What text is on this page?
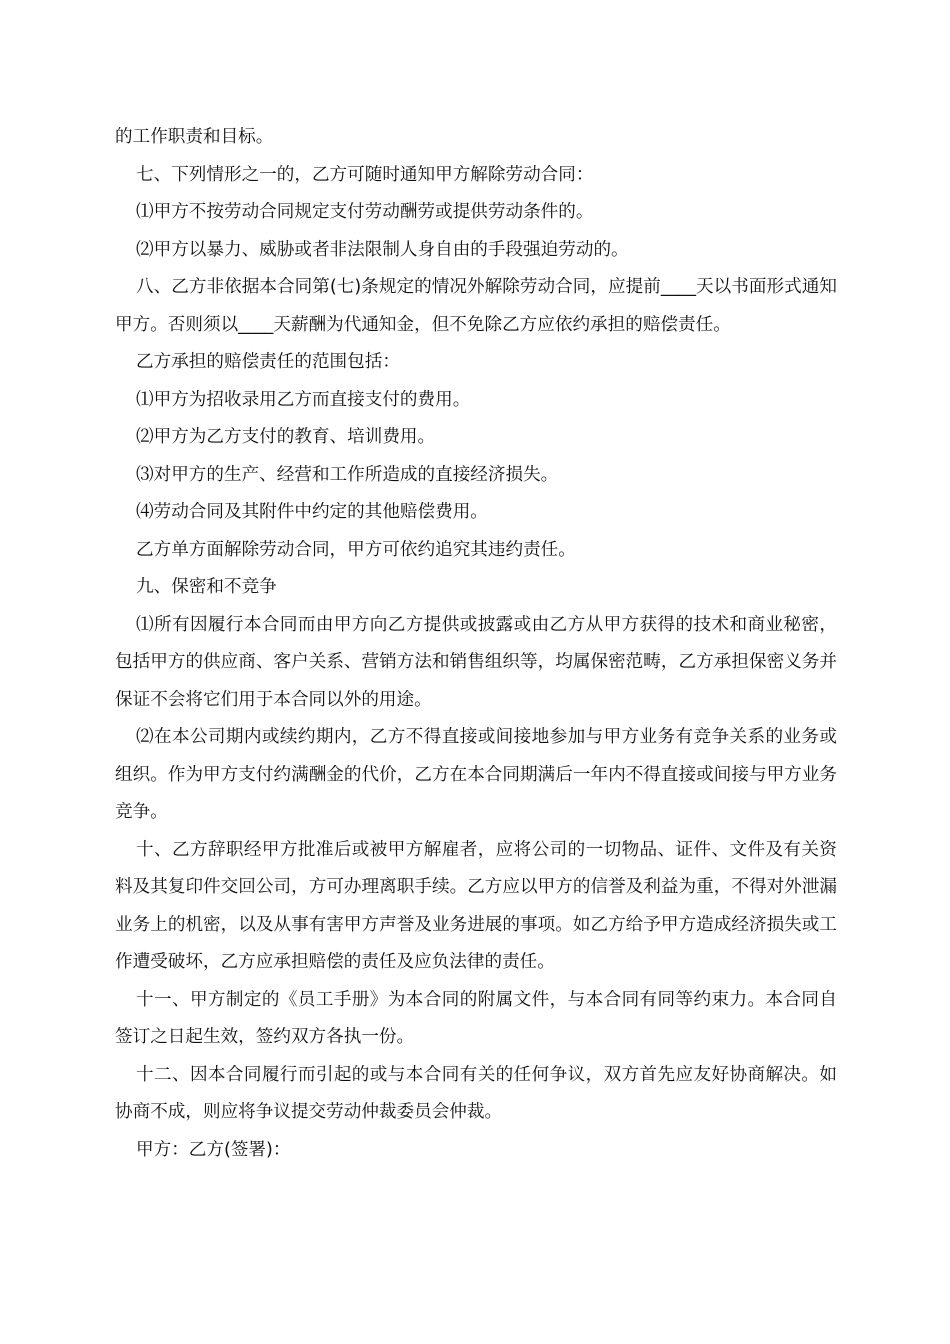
的工作职责和目标。

七、下列情形之一的，乙方可随时通知甲方解除劳动合同：

⑴甲方不按劳动合同规定支付劳动酬劳或提供劳动条件的。

⑵甲方以暴力、威胁或者非法限制人身自由的手段强迫劳动的。

八、乙方非依据本合同第(七)条规定的情况外解除劳动合同，应提前____天以书面形式通知甲方。否则须以____天薪酬为代通知金，但不免除乙方应依约承担的赔偿责任。

乙方承担的赔偿责任的范围包括：

⑴甲方为招收录用乙方而直接支付的费用。

⑵甲方为乙方支付的教育、培训费用。

⑶对甲方的生产、经营和工作所造成的直接经济损失。

⑷劳动合同及其附件中约定的其他赔偿费用。

乙方单方面解除劳动合同，甲方可依约追究其违约责任。

九、保密和不竞争

⑴所有因履行本合同而由甲方向乙方提供或披露或由乙方从甲方获得的技术和商业秘密，包括甲方的供应商、客户关系、营销方法和销售组织等，均属保密范畴，乙方承担保密义务并保证不会将它们用于本合同以外的用途。

⑵在本公司期内或续约期内，乙方不得直接或间接地参加与甲方业务有竞争关系的业务或组织。作为甲方支付约满酬金的代价，乙方在本合同期满后一年内不得直接或间接与甲方业务竞争。

十、乙方辞职经甲方批准后或被甲方解雇者，应将公司的一切物品、证件、文件及有关资料及其复印件交回公司，方可办理离职手续。乙方应以甲方的信誉及利益为重，不得对外泄漏业务上的机密，以及从事有害甲方声誉及业务进展的事项。如乙方给予甲方造成经济损失或工作遭受破坏，乙方应承担赔偿的责任及应负法律的责任。

十一、甲方制定的《员工手册》为本合同的附属文件，与本合同有同等约束力。本合同自签订之日起生效，签约双方各执一份。

十二、因本合同履行而引起的或与本合同有关的任何争议，双方首先应友好协商解决。如协商不成，则应将争议提交劳动仲裁委员会仲裁。

甲方：乙方(签署)：
